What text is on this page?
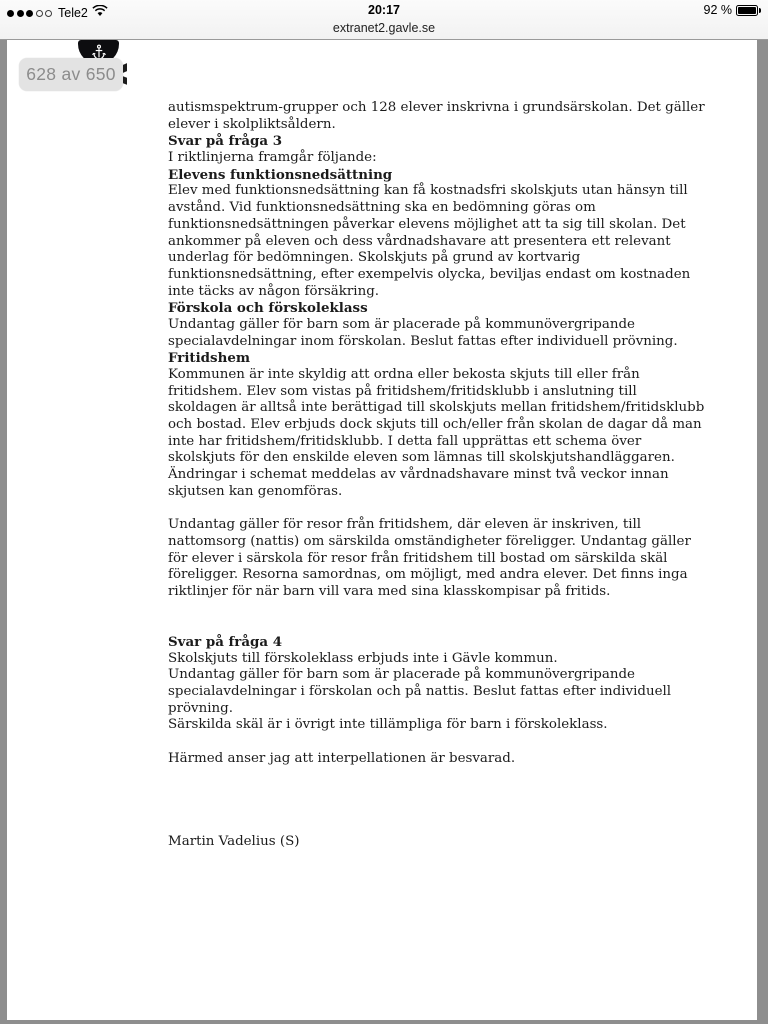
Tele2	20:17	92 %
extranet2.gavle.se
autismspektrum-grupper och 128 elever inskrivna i grundsärskolan. Det gäller
elever i skolpliktsåldern.
Svar på fråga 3
I riktlinjerna framgår följande:
Elevens funktionsnedsättning
Elev med funktionsnedsättning kan få kostnadsfri skolskjuts utan hänsyn till
avstånd. Vid funktionsnedsättning ska en bedömning göras om
funktionsnedsättningen påverkar elevens möjlighet att ta sig till skolan. Det
ankommer på eleven och dess vårdnadshavare att presentera ett relevant
underlag för bedömningen. Skolskjuts på grund av kortvarig
funktionsnedsättning, efter exempelvis olycka, beviljas endast om kostnaden
inte täcks av någon försäkring.
Förskola och förskoleklass
Undantag gäller för barn som är placerade på kommunövergripande
specialavdelningar inom förskolan. Beslut fattas efter individuell prövning.
Fritidshem
Kommunen är inte skyldig att ordna eller bekosta skjuts till eller från
fritidshem. Elev som vistas på fritidshem/fritidsklubb i anslutning till
skoldagen är alltså inte berättigad till skolskjuts mellan fritidshem/fritidsklubb
och bostad. Elev erbjuds dock skjuts till och/eller från skolan de dagar då man
inte har fritidshem/fritidsklubb. I detta fall upprättas ett schema över
skolskjuts för den enskilde eleven som lämnas till skolskjutshandläggaren.
Ändringar i schemat meddelas av vårdnadshavare minst två veckor innan
skjutsen kan genomföras.

Undantag gäller för resor från fritidshem, där eleven är inskriven, till
nattomsorg (nattis) om särskilda omständigheter föreligger. Undantag gäller
för elever i särskola för resor från fritidshem till bostad om särskilda skäl
föreligger. Resorna samordnas, om möjligt, med andra elever. Det finns inga
riktlinjer för när barn vill vara med sina klasskompisar på fritids.

Svar på fråga 4
Skolskjuts till förskoleklass erbjuds inte i Gävle kommun.
Undantag gäller för barn som är placerade på kommunövergripande
specialavdelningar i förskolan och på nattis. Beslut fattas efter individuell
prövning.
Särskilda skäl är i övrigt inte tillämpliga för barn i förskoleklass.

Härmed anser jag att interpellationen är besvarad.

Martin Vadelius (S)
628 av 650
